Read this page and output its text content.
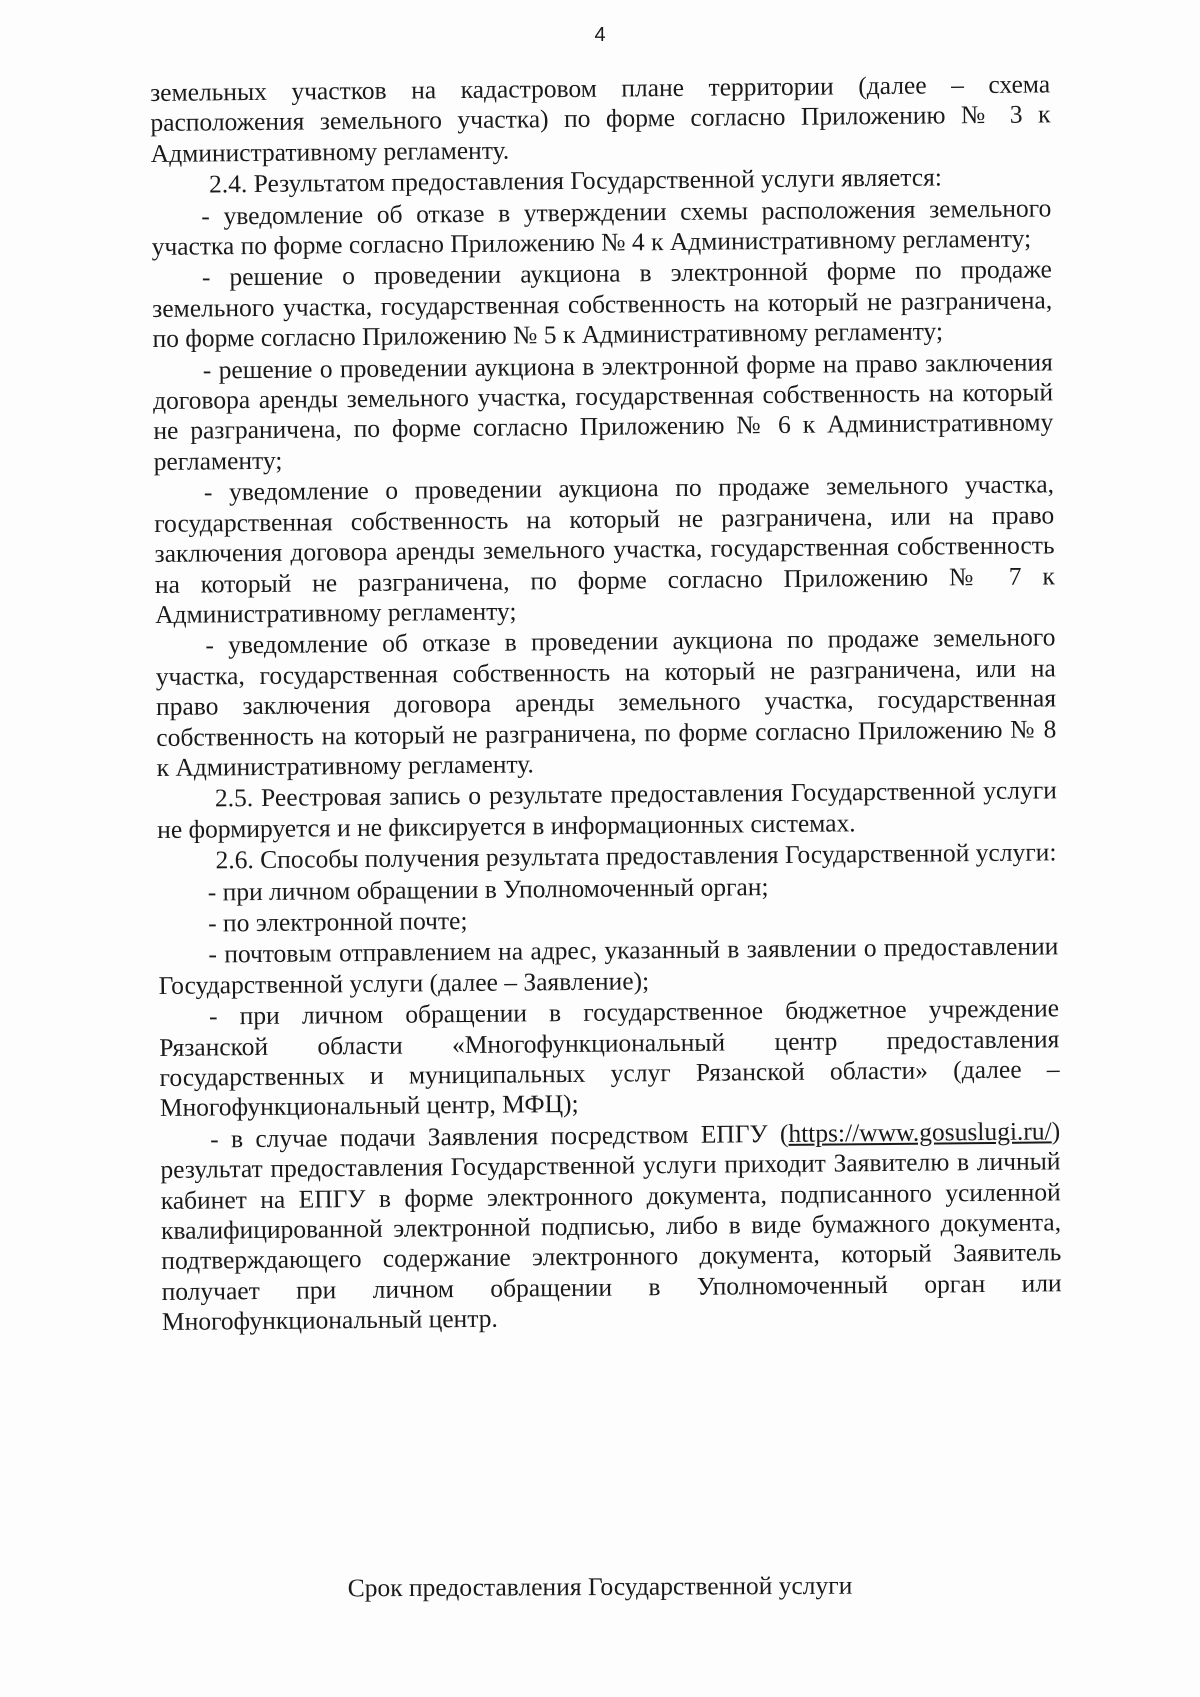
4

земельных участков на кадастровом плане территории (далее – схема расположения земельного участка) по форме согласно Приложению № 3 к Административному регламенту.

2.4. Результатом предоставления Государственной услуги является:

- уведомление об отказе в утверждении схемы расположения земельного участка по форме согласно Приложению № 4 к Административному регламенту;

- решение о проведении аукциона в электронной форме по продаже земельного участка, государственная собственность на который не разграничена, по форме согласно Приложению № 5 к Административному регламенту;

- решение о проведении аукциона в электронной форме на право заключения договора аренды земельного участка, государственная собственность на который не разграничена, по форме согласно Приложению № 6 к Административному регламенту;

- уведомление о проведении аукциона по продаже земельного участка, государственная собственность на который не разграничена, или на право заключения договора аренды земельного участка, государственная собственность на который не разграничена, по форме согласно Приложению № 7 к Административному регламенту;

- уведомление об отказе в проведении аукциона по продаже земельного участка, государственная собственность на который не разграничена, или на право заключения договора аренды земельного участка, государственная собственность на который не разграничена, по форме согласно Приложению № 8 к Административному регламенту.

2.5. Реестровая запись о результате предоставления Государственной услуги не формируется и не фиксируется в информационных системах.

2.6. Способы получения результата предоставления Государственной услуги:

- при личном обращении в Уполномоченный орган;

- по электронной почте;

- почтовым отправлением на адрес, указанный в заявлении о предоставлении Государственной услуги (далее – Заявление);

- при личном обращении в государственное бюджетное учреждение Рязанской области «Многофункциональный центр предоставления государственных и муниципальных услуг Рязанской области» (далее – Многофункциональный центр, МФЦ);

- в случае подачи Заявления посредством ЕПГУ (https://www.gosuslugi.ru/) результат предоставления Государственной услуги приходит Заявителю в личный кабинет на ЕПГУ в форме электронного документа, подписанного усиленной квалифицированной электронной подписью, либо в виде бумажного документа, подтверждающего содержание электронного документа, который Заявитель получает при личном обращении в Уполномоченный орган или Многофункциональный центр.

Срок предоставления Государственной услуги
